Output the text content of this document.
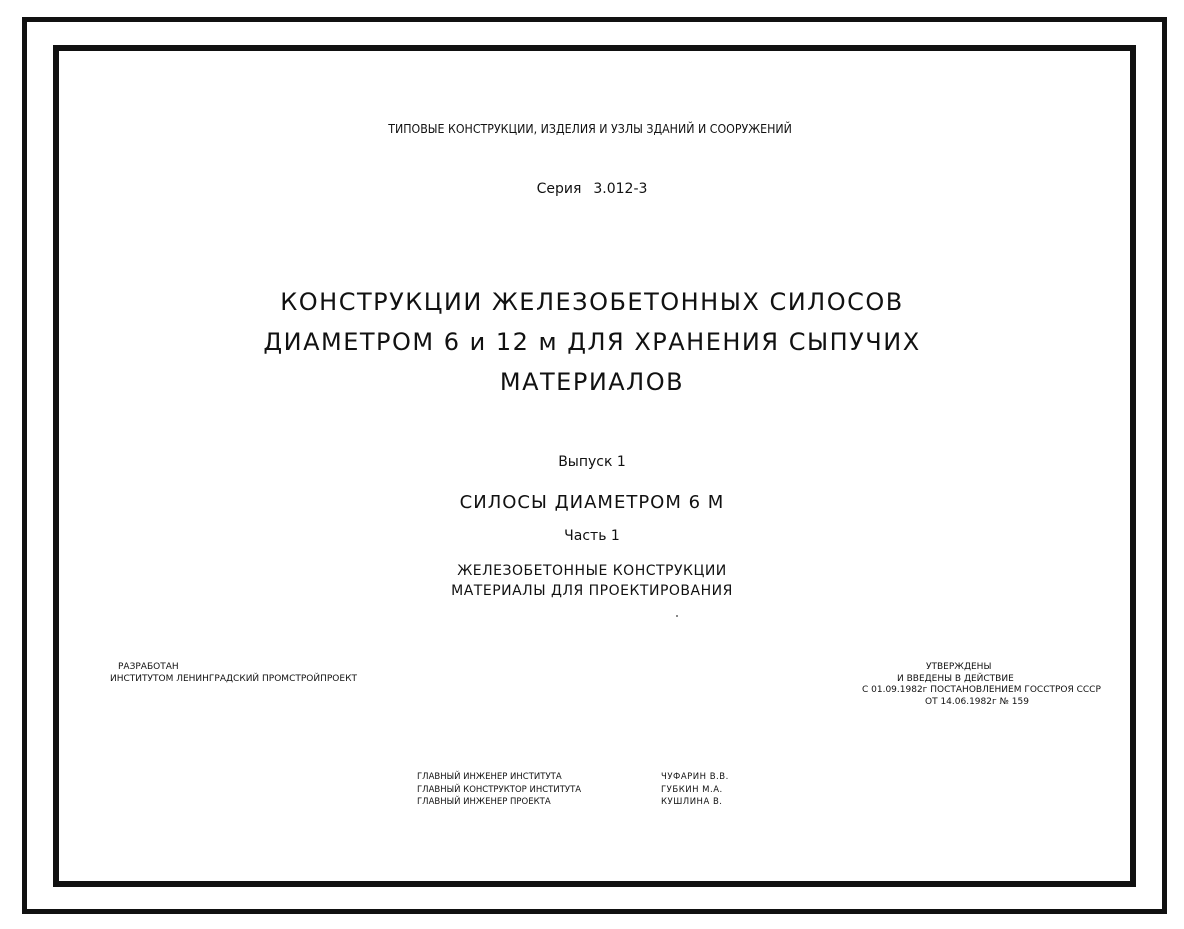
ТИПОВЫЕ КОНСТРУКЦИИ, ИЗДЕЛИЯ И УЗЛЫ ЗДАНИЙ И СООРУЖЕНИЙ
Серия 3.012-3
КОНСТРУКЦИИ ЖЕЛЕЗОБЕТОННЫХ СИЛОСОВ
ДИАМЕТРОМ 6 и 12 м ДЛЯ ХРАНЕНИЯ СЫПУЧИХ
МАТЕРИАЛОВ
Выпуск 1
СИЛОСЫ ДИАМЕТРОМ 6 М
Часть 1
ЖЕЛЕЗОБЕТОННЫЕ КОНСТРУКЦИИ
МАТЕРИАЛЫ ДЛЯ ПРОЕКТИРОВАНИЯ
РАЗРАБОТАН
ИНСТИТУТОМ ЛЕНИНГРАДСКИЙ ПРОМСТРОЙПРОЕКТ
УТВЕРЖДЕНЫ
И ВВЕДЕНЫ В ДЕЙСТВИЕ
С 01.09.1982г ПОСТАНОВЛЕНИЕМ ГОССТРОЯ СССР
ОТ 14.06.1982г № 159
ГЛАВНЫЙ ИНЖЕНЕР ИНСТИТУТА	ЧУФАРИН В.В.
ГЛАВНЫЙ КОНСТРУКТОР ИНСТИТУТА	ГУБКИН М.А.
ГЛАВНЫЙ ИНЖЕНЕР ПРОЕКТА	КУШЛИНА В.
